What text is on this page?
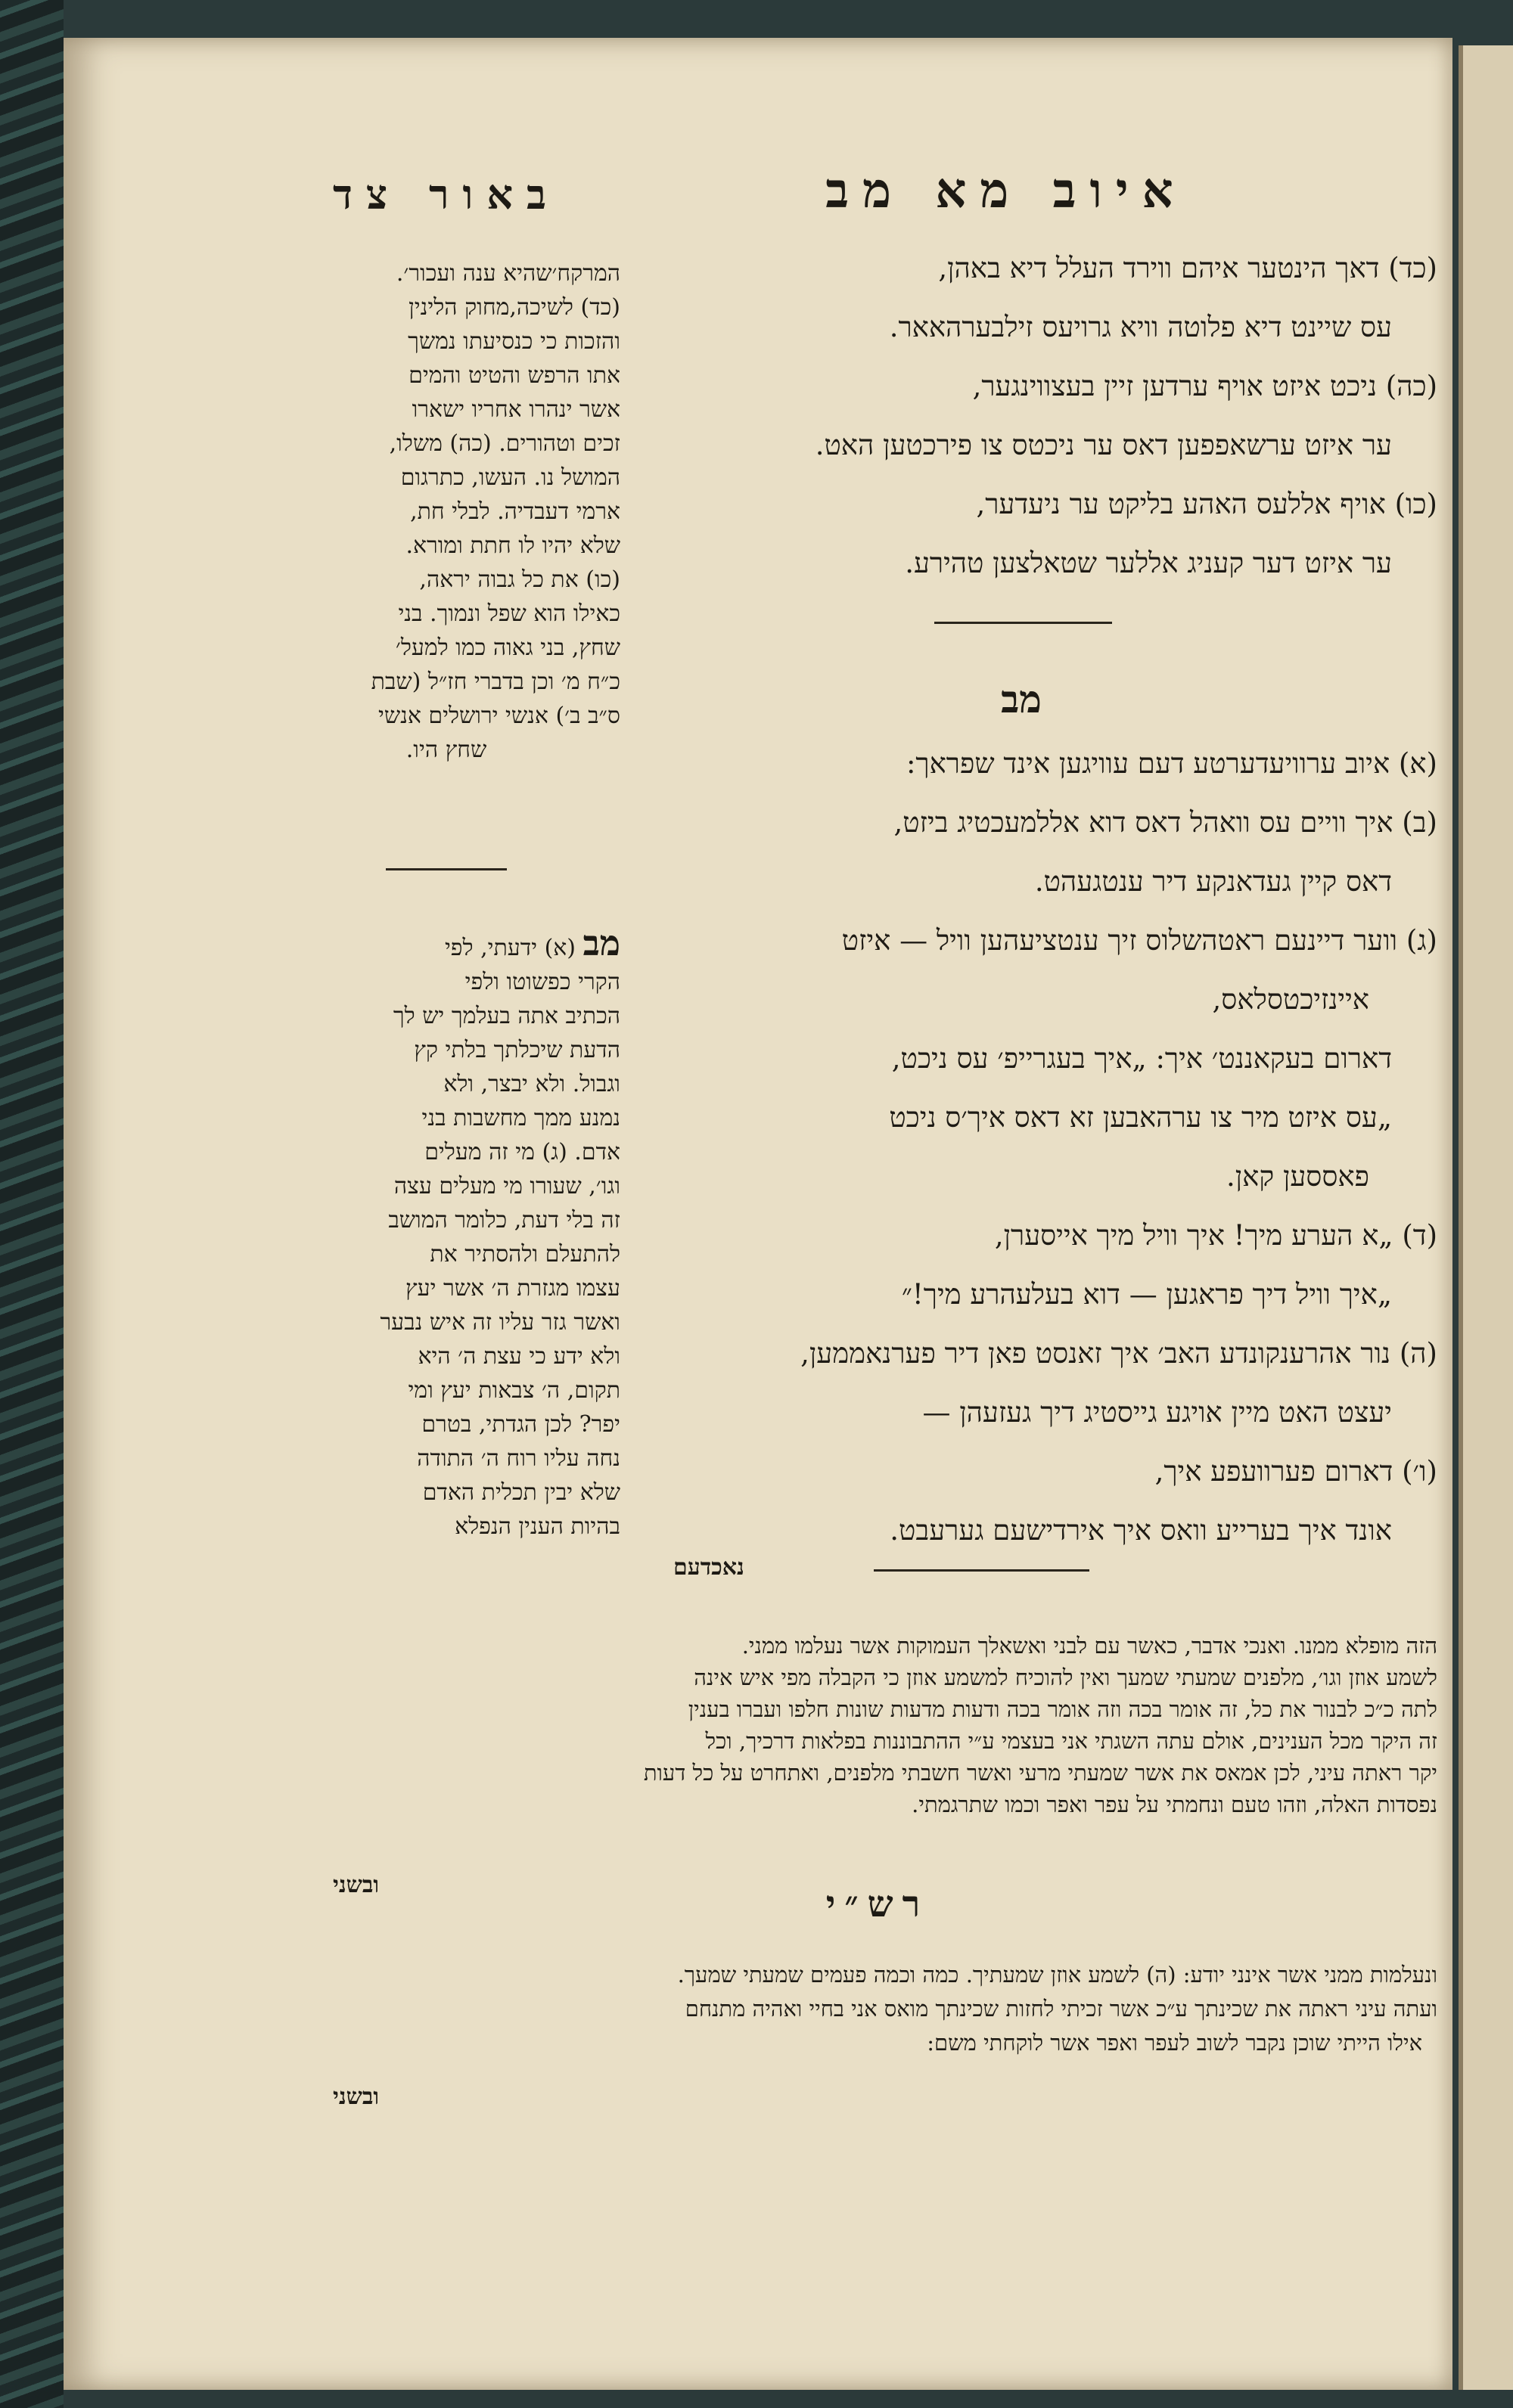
איוב מא מב
באור צד
(כד) דאך הינטער איהם ווירד העלל דיא באהן,
עס שיינט דיא פלוטה וויא גרויעס זילבערהאאר.
(כה) ניכט איזט אויף ערדען זיין בעצווינגער,
ער איזט ערשאפפען דאס ער ניכטס צו פירכטען האט.
(כו) אויף אללעס האהע בליקט ער ניעדער,
ער איזט דער קעניג אללער שטאלצען טהירע.
מב
(א) איוב ערוויעדערטע דעם עוויגען אינד שפראך:
(ב) איך וויים עס וואהל דאס דוא אללמעכטיג ביזט,
דאס קיין געדאנקע דיר ענטגעהט.
(ג) ווער דיינעם ראטהשלוס זיך ענטציעהען וויל — איזט
איינזיכטסלאס,
דארום בעקאננט׳ איך: „איך בעגרייפ׳ עס ניכט,
„עס איזט מיר צו ערהאבען זא דאס איך׳ס ניכט
פאססען קאן.
(ד) „א הערע מיך! איך וויל מיך אייסערן,
„איך וויל דיך פראגען — דוא בעלעהרע מיך!״
(ה) נור אהרענקונדע האב׳ איך זאנסט פאן דיר פערנאממען,
יעצט האט מיין אויגע גייסטיג דיך געזעהן —
(ו׳) דארום פערוועפע איך,
אונד איך בערייע וואס איך אירדישעם גערעבט.
נאכדעם
המרקח׳שהיא ענה ועכור׳.
(כד) לשיכה,מחוק הלינין
והזכות כי כנסיעתו נמשך
אתו הרפש והטיט והמים
אשר ינהרו אחריו ישארו
זכים וטהורים. (כה) משלו,
המושל נו. העשו, כתרגום
ארמי דעבדיה. לבלי חת,
שלא יהיו לו חתת ומורא.
(כו) את כל גבוה יראה,
כאילו הוא שפל ונמוך. בני
שחץ, בני גאוה כמו למעל׳
כ״ח מ׳ וכן בדברי חז״ל (שבת
ס״ב ב׳) אנשי ירושלים אנשי
שחץ היו.
מב (א) ידעתי, לפי
הקרי כפשוטו ולפי
הכתיב אתה בעלמך יש לך
הדעת שיכלתך בלתי קץ
וגבול. ולא יבצר, ולא
נמנע ממך מחשבות בני
אדם. (ג) מי זה מעלים
וגו׳, שעורו מי מעלים עצה
זה בלי דעת, כלומר המושב
להתעלם ולהסתיר את
עצמו מגזרת ה׳ אשר יעץ
ואשר גזר עליו זה איש נבער
ולא ידע כי עצת ה׳ היא
תקום, ה׳ צבאות יעץ ומי
יפר? לכן הגדתי, בטרם
נחה עליו רוח ה׳ התודה
שלא יבין תכלית האדם
בהיות הענין הנפלא
הזה מופלא ממנו. ואנכי אדבר, כאשר עם לבני ואשאלך העמוקות אשר נעלמו ממני.
לשמע אוזן וגו׳, מלפנים שמעתי שמעך ואין להוכיח למשמע אוזן כי הקבלה מפי איש אינה
לתה כ״כ לבנור את כל, זה אומר בכה וזה אומר בכה ודעות מדעות שונות חלפו ועברו בענין
זה היקר מכל הענינים, אולם עתה השגתי אני בעצמי ע״י ההתבוננות בפלאות דרכיך, וכל
יקר ראתה עיני, לכן אמאס את אשר שמעתי מרעי ואשר חשבתי מלפנים, ואתחרט על כל דעות
נפסדות האלה, וזהו טעם ונחמתי על עפר ואפר וכמו שתרגמתי.
ובשני	רש״י
ונעלמות ממני אשר אינני יודע: (ה) לשמע אוזן שמעתיך. כמה וכמה פעמים שמעתי שמעך.
ועתה עיני ראתה את שכינתך ע״כ אשר זכיתי לחזות שכינתך מואס אני בחיי ואהיה מתנחם
אילו הייתי שוכן נקבר לשוב לעפר ואפר אשר לוקחתי משם:
ובשני
